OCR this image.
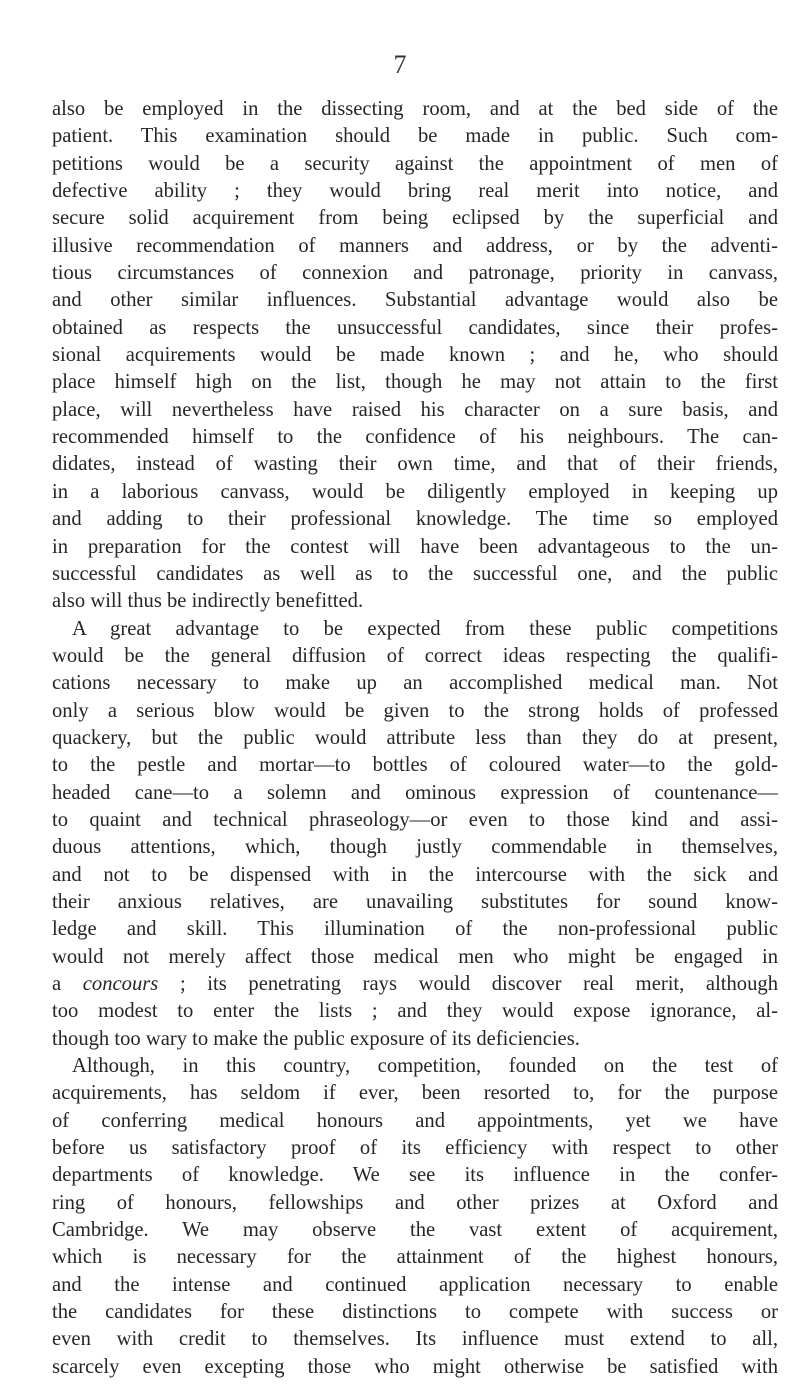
7

also be employed in the dissecting room, and at the bed side of the
patient. This examination should be made in public. Such com-
petitions would be a security against the appointment of men of
defective ability ; they would bring real merit into notice, and
secure solid acquirement from being eclipsed by the superficial and
illusive recommendation of manners and address, or by the adventi-
tious circumstances of connexion and patronage, priority in canvass,
and other similar influences. Substantial advantage would also be
obtained as respects the unsuccessful candidates, since their profes-
sional acquirements would be made known ; and he, who should
place himself high on the list, though he may not attain to the first
place, will nevertheless have raised his character on a sure basis, and
recommended himself to the confidence of his neighbours. The can-
didates, instead of wasting their own time, and that of their friends,
in a laborious canvass, would be diligently employed in keeping up
and adding to their professional knowledge. The time so employed
in preparation for the contest will have been advantageous to the un-
successful candidates as well as to the successful one, and the public
also will thus be indirectly benefitted.

A great advantage to be expected from these public competitions
would be the general diffusion of correct ideas respecting the qualifi-
cations necessary to make up an accomplished medical man. Not
only a serious blow would be given to the strong holds of professed
quackery, but the public would attribute less than they do at present,
to the pestle and mortar—to bottles of coloured water—to the gold-
headed cane—to a solemn and ominous expression of countenance—
to quaint and technical phraseology—or even to those kind and assi-
duous attentions, which, though justly commendable in themselves,
and not to be dispensed with in the intercourse with the sick and
their anxious relatives, are unavailing substitutes for sound know-
ledge and skill. This illumination of the non-professional public
would not merely affect those medical men who might be engaged in
a concours ; its penetrating rays would discover real merit, although
too modest to enter the lists ; and they would expose ignorance, al-
though too wary to make the public exposure of its deficiencies.

Although, in this country, competition, founded on the test of
acquirements, has seldom if ever, been resorted to, for the purpose
of conferring medical honours and appointments, yet we have
before us satisfactory proof of its efficiency with respect to other
departments of knowledge. We see its influence in the confer-
ring of honours, fellowships and other prizes at Oxford and
Cambridge. We may observe the vast extent of acquirement,
which is necessary for the attainment of the highest honours,
and the intense and continued application necessary to enable
the candidates for these distinctions to compete with success or
even with credit to themselves. Its influence must extend to all,
scarcely even excepting those who might otherwise be satisfied with
